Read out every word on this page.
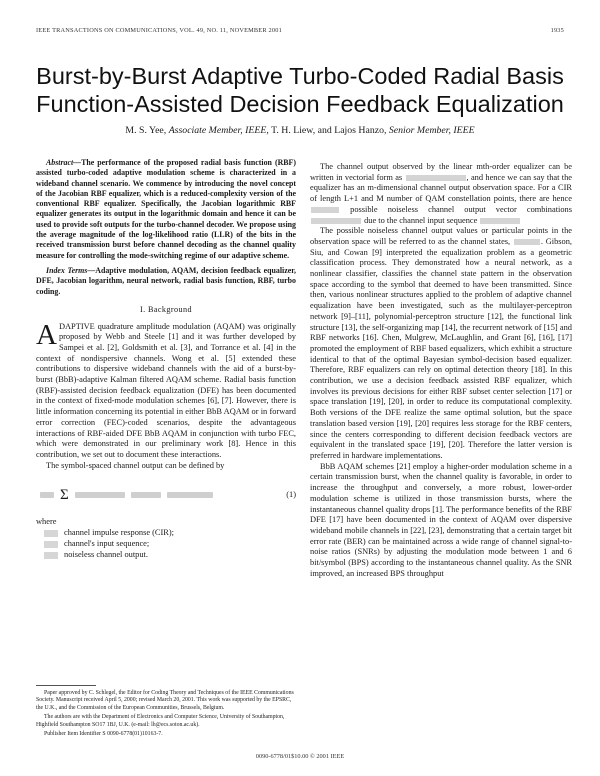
IEEE TRANSACTIONS ON COMMUNICATIONS, VOL. 49, NO. 11, NOVEMBER 2001	1935
Burst-by-Burst Adaptive Turbo-Coded Radial Basis
Function-Assisted Decision Feedback Equalization
M. S. Yee, Associate Member, IEEE, T. H. Liew, and Lajos Hanzo, Senior Member, IEEE

Abstract—The performance of the proposed radial basis function (RBF) assisted turbo-coded adaptive modulation scheme is characterized in a wideband channel scenario. We commence by introducing the novel concept of the Jacobian RBF equalizer, which is a reduced-complexity version of the conventional RBF equalizer. Specifically, the Jacobian logarithmic RBF equalizer generates its output in the logarithmic domain and hence it can be used to provide soft outputs for the turbo-channel decoder. We propose using the average magnitude of the log-likelihood ratio (LLR) of the bits in the received transmission burst before channel decoding as the channel quality measure for controlling the mode-switching regime of our adaptive scheme.

Index Terms—Adaptive modulation, AQAM, decision feedback equalizer, DFE, Jacobian logarithm, neural network, radial basis function, RBF, turbo coding.

I. Background

ADAPTIVE quadrature amplitude modulation (AQAM) was originally proposed by Webb and Steele [1] and it was further developed by Sampei et al. [2], Goldsmith et al. [3], and Torrance et al. [4] in the context of nondispersive channels. Wong et al. [5] extended these contributions to dispersive wideband channels with the aid of a burst-by-burst (BbB)-adaptive Kalman filtered AQAM scheme. Radial basis function (RBF)-assisted decision feedback equalization (DFE) has been documented in the context of fixed-mode modulation schemes [6], [7]. However, there is little information concerning its potential in either BbB AQAM or in forward error correction (FEC)-coded scenarios, despite the advantageous interactions of RBF-aided DFE BbB AQAM in conjunction with turbo FEC, which were demonstrated in our preliminary work [8]. Hence in this contribution, we set out to document these interactions.

The symbol-spaced channel output can be defined by

Σ	(1)
where
channel impulse response (CIR);
channel's input sequence;
noiseless channel output.

The channel output observed by the linear mth-order equalizer can be written in vectorial form as	, and hence we can say that the equalizer has an m-dimensional channel output observation space. For a CIR of length L+1 and M number of QAM constellation points, there are hence  possible noiseless channel output vector combinations  due to the channel input sequence

The possible noiseless channel output values or particular points in the observation space will be referred to as the channel states,	. Gibson, Siu, and Cowan [9] interpreted the equalization problem as a geometric classification process. They demonstrated how a neural network, as a nonlinear classifier, classifies the channel state pattern in the observation space according to the symbol that deemed to have been transmitted. Since then, various nonlinear structures applied to the problem of adaptive channel equalization have been investigated, such as the multilayer-perceptron network [9]–[11], polynomial-perceptron structure [12], the functional link structure [13], the self-organizing map [14], the recurrent network of [15] and RBF networks [16]. Chen, Mulgrew, McLaughlin, and Grant [6], [16], [17] promoted the employment of RBF based equalizers, which exhibit a structure identical to that of the optimal Bayesian symbol-decision based equalizer. Therefore, RBF equalizers can rely on optimal detection theory [18]. In this contribution, we use a decision feedback assisted RBF equalizer, which involves its previous decisions for either RBF subset center selection [17] or space translation [19], [20], in order to reduce its computational complexity. Both versions of the DFE realize the same optimal solution, but the space translation based version [19], [20] requires less storage for the RBF centers, since the centers corresponding to different decision feedback vectors are equivalent in the translated space [19], [20]. Therefore the latter version is preferred in hardware implementations.

BbB AQAM schemes [21] employ a higher-order modulation scheme in a certain transmission burst, when the channel quality is favorable, in order to increase the throughput and conversely, a more robust, lower-order modulation scheme is utilized in those transmission bursts, where the instantaneous channel quality drops [1]. The performance benefits of the RBF DFE [17] have been documented in the context of AQAM over dispersive wideband mobile channels in [22], [23], demonstrating that a certain target bit error rate (BER) can be maintained across a wide range of channel signal-to-noise ratios (SNRs) by adjusting the modulation mode between 1 and 6 bit/symbol (BPS) according to the instantaneous channel quality. As the SNR improved, an increased BPS throughput

Paper approved by C. Schlegel, the Editor for Coding Theory and Techniques of the IEEE Communications Society. Manuscript received April 5, 2000; revised March 20, 2001. This work was supported by the EPSRC, the U.K., and the Commission of the European Communities, Brussels, Belgium.

The authors are with the Department of Electronics and Computer Science, University of Southampton, Highfield Southampton SO17 1BJ, U.K. (e-mail: lh@ecs.soton.ac.uk).

Publisher Item Identifier S 0090-6778(01)10163-7.

0090-6778/01$10.00 © 2001 IEEE
